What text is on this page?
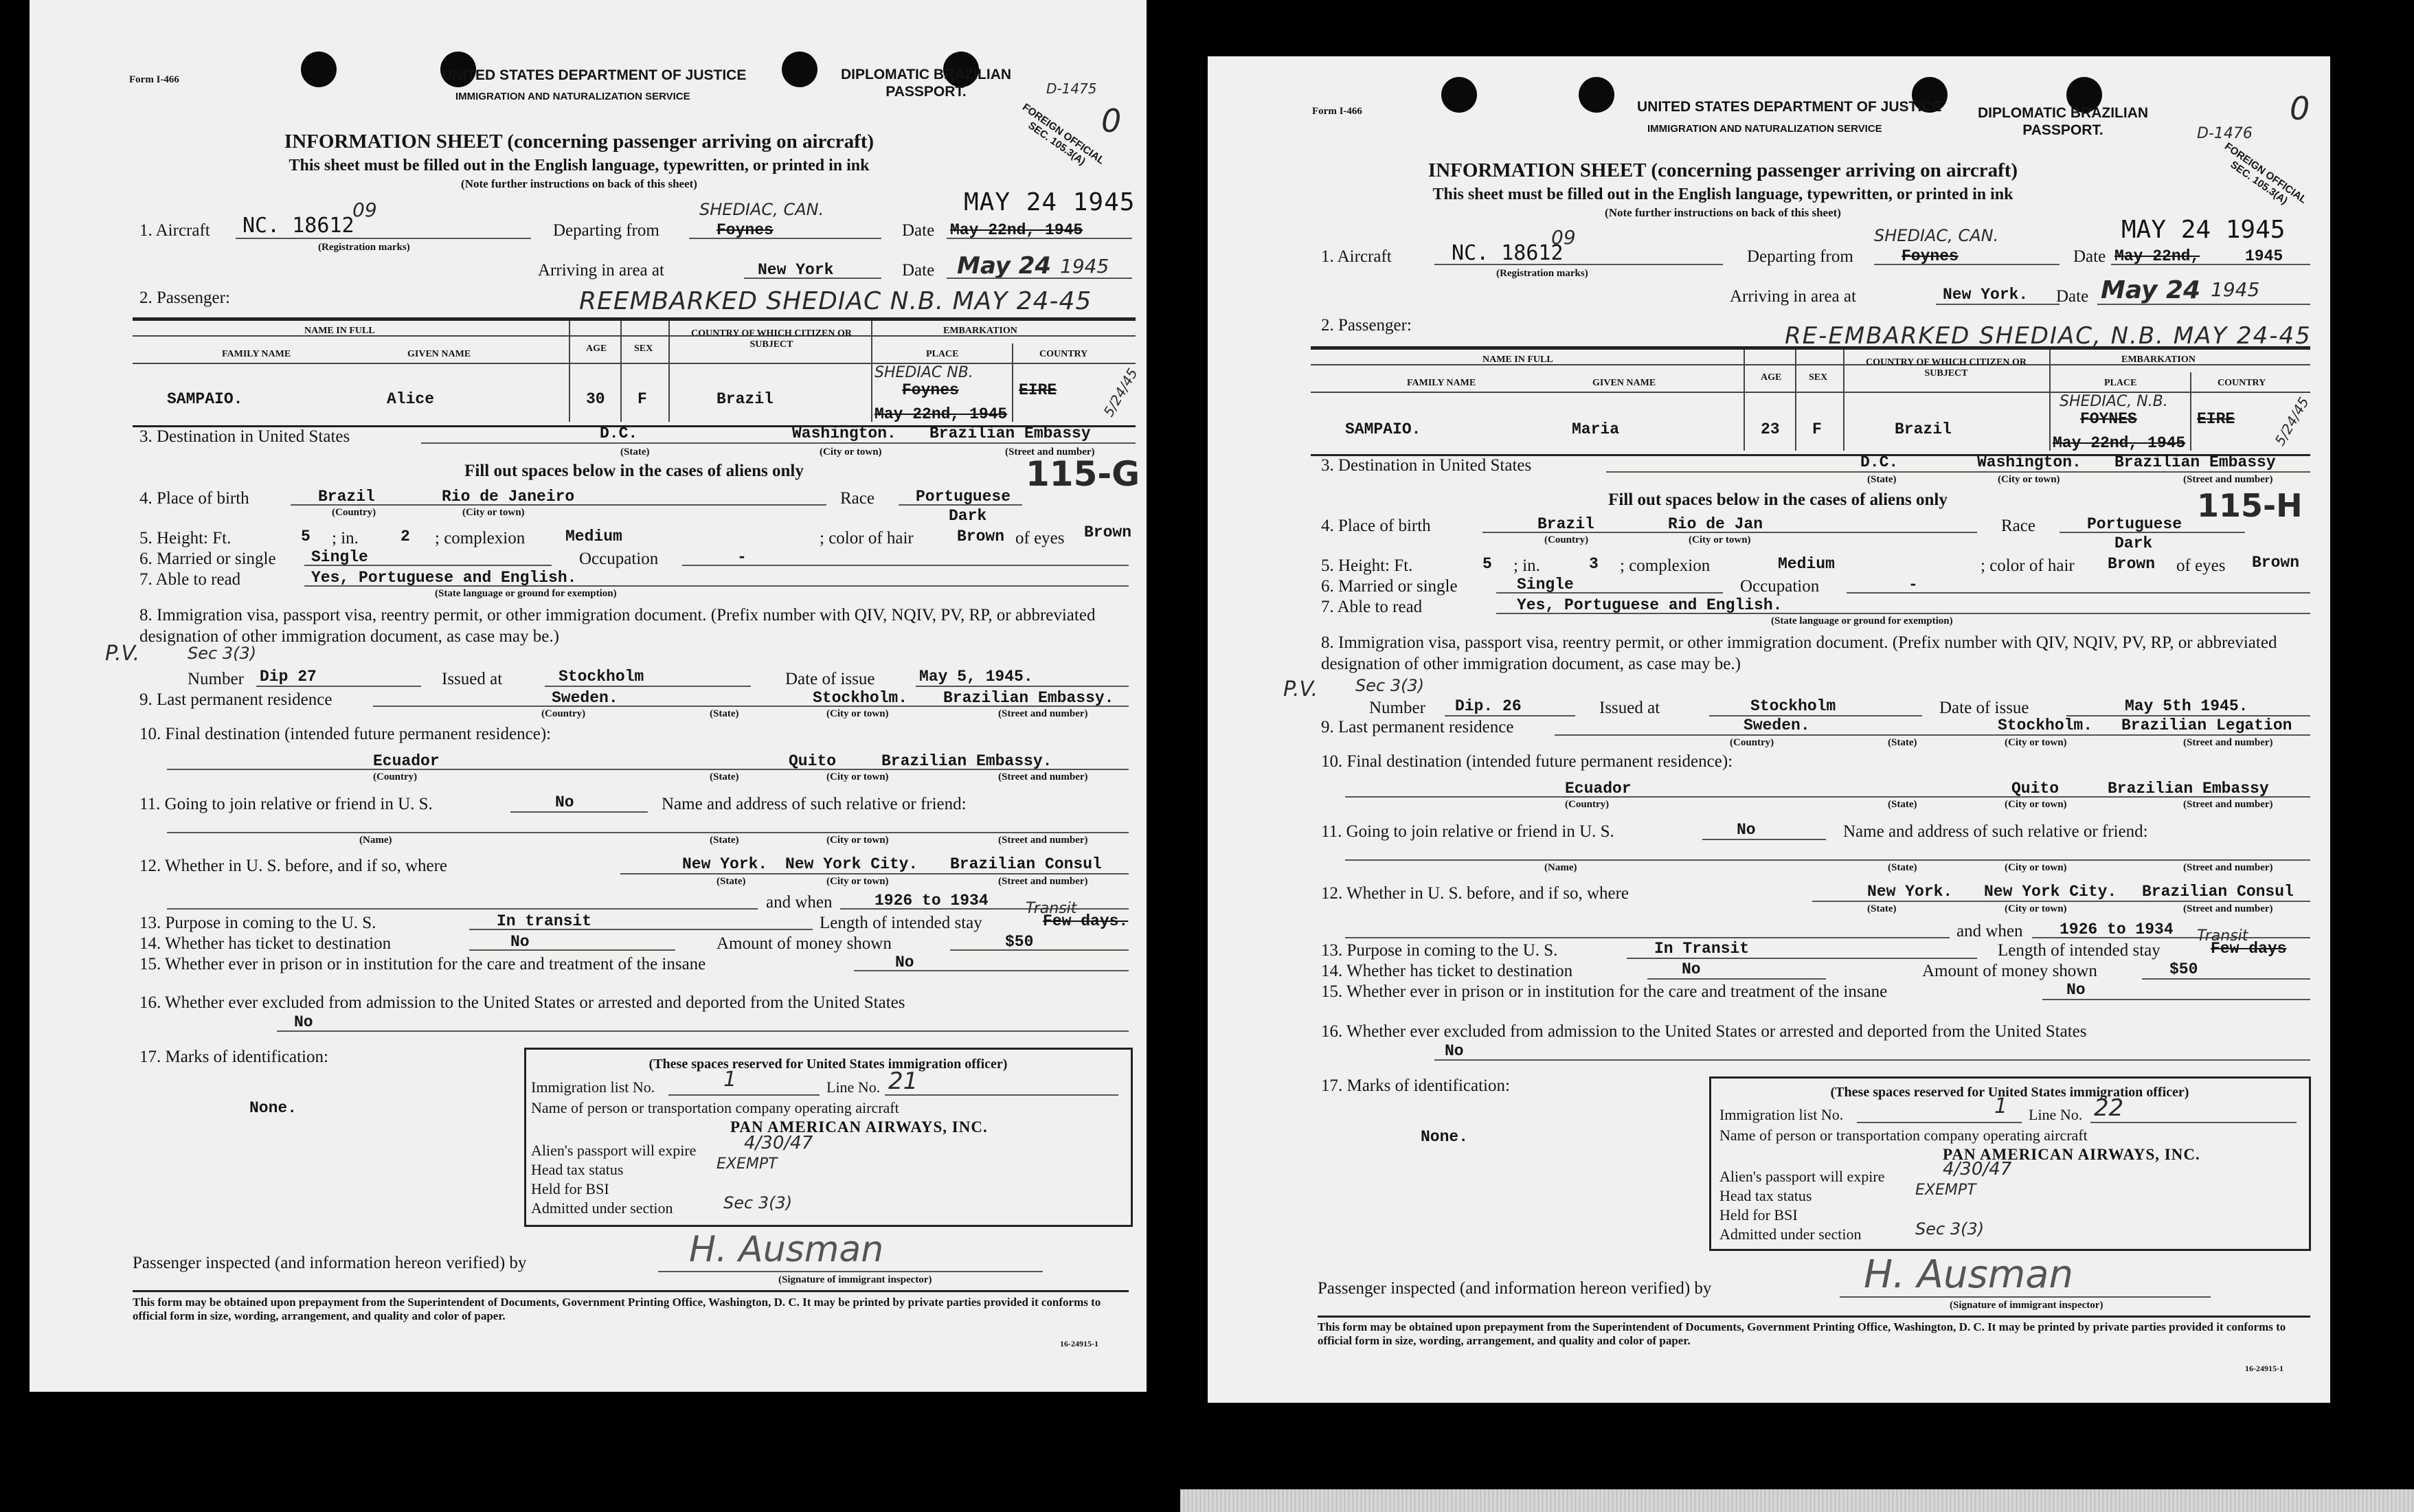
Form I-466	UNITED STATES DEPARTMENT OF JUSTICE
IMMIGRATION AND NATURALIZATION SERVICE
DIPLOMATIC BRAZILIAN PASSPORT.	D-1475
0
FOREIGN OFFICIAL SEC. 105.3(A)
INFORMATION SHEET (concerning passenger arriving on aircraft)
This sheet must be filled out in the English language, typewritten, or printed in ink
(Note further instructions on back of this sheet)
1. Aircraft NC. 18612
09
(Registration marks)
Departing from
SHEDIAC, CAN.
Foynes	Date
MAY 24 1945
May 22nd, 1945
Arriving in area at	New York	Date May 24 1945
2. Passenger:	REEMBARKED SHEDIAC N.B. MAY 24-45
NAME IN FULL
FAMILY NAME	GIVEN NAME
AGE	SEX
COUNTRY OF WHICH CITIZEN OR SUBJECT
EMBARKATION
PLACE	COUNTRY
SAMPAIO.	Alice	30 F	Brazil
SHEDIAC NB.
Foynes	EIRE	5/24/45
May 22nd, 1945
3. Destination in United States	D.C.	Washington. Brazilian Embassy
(State)	(City or town)	(Street and number)
Fill out spaces below in the cases of aliens only	115-G
4. Place of birth	Brazil	Rio de Janeiro
(Country)	(City or town)
Race	Portuguese
Dark
5. Height: Ft.	5 ; in.	2 ; complexion	Medium	; color of hair	Brown of eyes Brown
6. Married or single Single	Occupation	-
7. Able to read	Yes, Portuguese and English.
(State language or ground for exemption)
8. Immigration visa, passport visa, reentry permit, or other immigration document. (Prefix number with QIV, NQIV, PV, RP, or abbreviated designation of other immigration document, as case may be.)
P.V.	Sec 3(3)
Number Dip 27	Issued at	Stockholm	Date of issue	May 5, 1945.
9. Last permanent residence	Sweden.	Stockholm. Brazilian Embassy.
(Country)	(State)	(City or town)	(Street and number)
10. Final destination (intended future permanent residence):
Ecuador	Quito	Brazilian Embassy.
(Country)	(State)	(City or town)	(Street and number)
11. Going to join relative or friend in U. S.	No	Name and address of such relative or friend:
(Name)	(State)	(City or town)	(Street and number)
12. Whether in U. S. before, and if so, where	New York. New York City. Brazilian Consul
(State)	(City or town)	(Street and number)
and when	1926 to 1934
13. Purpose in coming to the U. S.	In transit	Length of intended stay
Transit
Few days.
14. Whether has ticket to destination	No	Amount of money shown	$50
15. Whether ever in prison or in institution for the care and treatment of the insane	No
16. Whether ever excluded from admission to the United States or arrested and deported from the United States
No
17. Marks of identification:
None.
(These spaces reserved for United States immigration officer)
Immigration list No.	1	Line No. 21
Name of person or transportation company operating aircraft
PAN AMERICAN AIRWAYS, INC.
Alien's passport will expire	4/30/47
Head tax status	EXEMPT
Held for BSI
Admitted under section	Sec 3(3)
Passenger inspected (and information hereon verified) by	H. Ausman
(Signature of immigrant inspector)
This form may be obtained upon prepayment from the Superintendent of Documents, Government Printing Office, Washington, D. C. It may be printed by private parties provided it conforms to official form in size, wording, arrangement, and quality and color of paper.
16-24915-1
Form I-466	UNITED STATES DEPARTMENT OF JUSTICE
IMMIGRATION AND NATURALIZATION SERVICE
DIPLOMATIC BRAZILIAN PASSPORT.	D-1476
0
FOREIGN OFFICIAL SEC. 105.3(A)
INFORMATION SHEET (concerning passenger arriving on aircraft)
This sheet must be filled out in the English language, typewritten, or printed in ink
(Note further instructions on back of this sheet)
1. Aircraft	NC. 18612
09
(Registration marks)
Departing from
SHEDIAC, CAN.
Foynes	Date
MAY 24 1945
May 22nd,	1945
Arriving in area at	New York. Date May 24 1945
2. Passenger:	RE-EMBARKED SHEDIAC, N.B. MAY 24-45
NAME IN FULL
FAMILY NAME	GIVEN NAME
AGE	SEX
COUNTRY OF WHICH CITIZEN OR SUBJECT
EMBARKATION
PLACE	COUNTRY
SAMPAIO.	Maria	23 F	Brazil
SHEDIAC, N.B.
FOYNES	EIRE	5/24/45
May 22nd, 1945
3. Destination in United States	D.C.	Washington. Brazilian Embassy
(State)	(City or town)	(Street and number)
Fill out spaces below in the cases of aliens only	115-H
4. Place of birth	Brazil	Rio de Jan
(Country)	(City or town)
Race	Portuguese
Dark
5. Height: Ft.	5 ; in.	3 ; complexion	Medium	; color of hair Brown of eyes Brown
6. Married or single	Single	Occupation	-
7. Able to read	Yes, Portuguese and English.
(State language or ground for exemption)
8. Immigration visa, passport visa, reentry permit, or other immigration document. (Prefix number with QIV, NQIV, PV, RP, or abbreviated designation of other immigration document, as case may be.)
P.V. Sec 3(3)
Number Dip. 26	Issued at	Stockholm	Date of issue	May 5th 1945.
9. Last permanent residence	Sweden.	Stockholm. Brazilian Legation
(Country)	(State)	(City or town)	(Street and number)
10. Final destination (intended future permanent residence):
Ecuador	Quito	Brazilian Embassy
(Country)	(State)	(City or town)	(Street and number)
11. Going to join relative or friend in U. S.	No	Name and address of such relative or friend:
(Name)	(State)	(City or town)	(Street and number)
12. Whether in U. S. before, and if so, where	New York. New York City. Brazilian Consul
(State)	(City or town)	(Street and number)
and when 1926 to 1934
13. Purpose in coming to the U. S.	In Transit	Length of intended stay
Transit
Few days
14. Whether has ticket to destination	No	Amount of money shown	$50
15. Whether ever in prison or in institution for the care and treatment of the insane	No
16. Whether ever excluded from admission to the United States or arrested and deported from the United States
No
17. Marks of identification:
None.
(These spaces reserved for United States immigration officer)
Immigration list No.	1 Line No. 22
Name of person or transportation company operating aircraft
PAN AMERICAN AIRWAYS, INC.
Alien's passport will expire	4/30/47
Head tax status	EXEMPT
Held for BSI
Admitted under section	Sec 3(3)
Passenger inspected (and information hereon verified) by	H. Ausman
(Signature of immigrant inspector)
This form may be obtained upon prepayment from the Superintendent of Documents, Government Printing Office, Washington, D. C. It may be printed by private parties provided it conforms to official form in size, wording, arrangement, and quality and color of paper.
16-24915-1
